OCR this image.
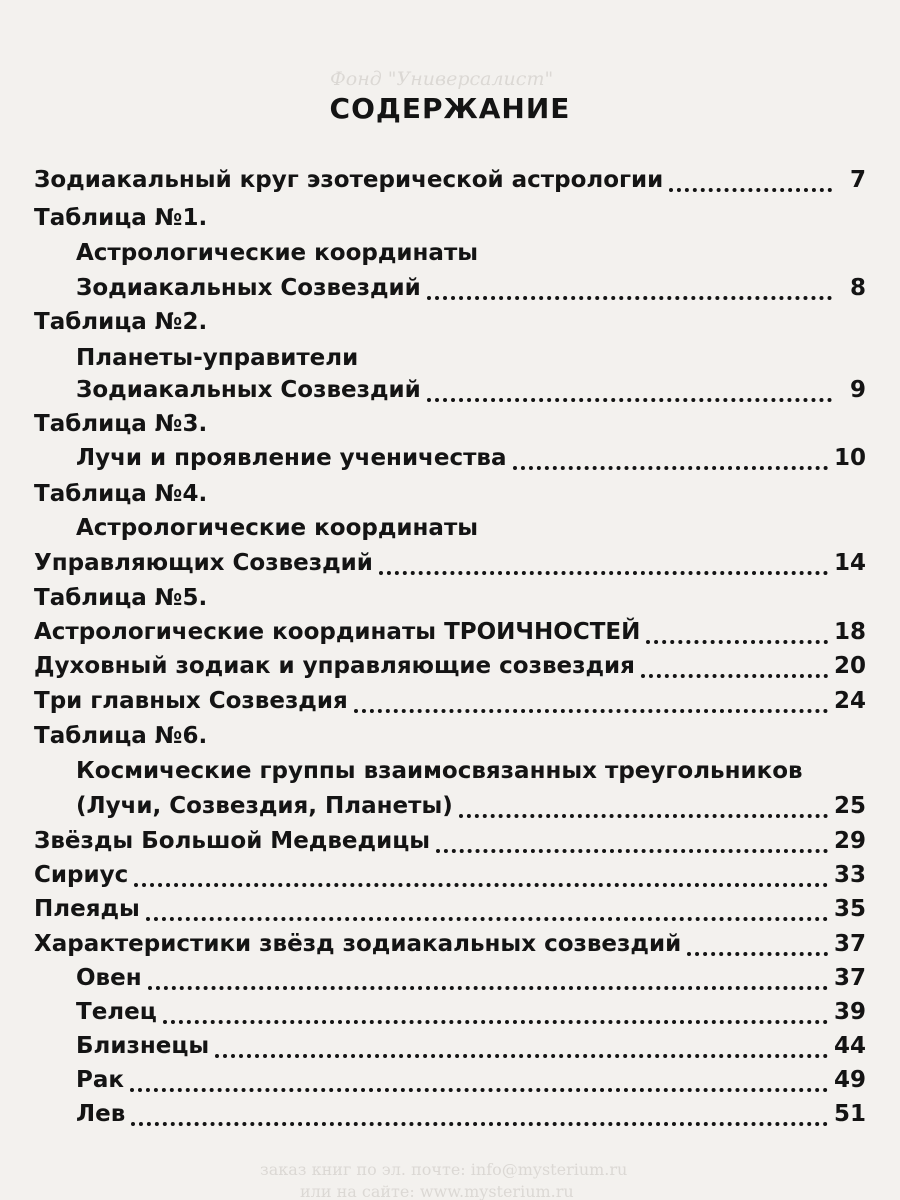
Фонд "Универсалист"
заказ книг по эл. почте: info@mysterium.ru
или на сайте: www.mysterium.ru
СОДЕРЖАНИЕ
Зодиакальный круг эзотерической астрологии	7
Таблица №1.
Астрологические координаты
Зодиакальных Созвездий	8
Таблица №2.
Планеты-управители
Зодиакальных Созвездий	9
Таблица №3.
Лучи и проявление ученичества	10
Таблица №4.
Астрологические координаты
Управляющих Созвездий	14
Таблица №5.
Астрологические координаты ТРОИЧНОСТЕЙ	18
Духовный зодиак и управляющие созвездия	20
Три главных Созвездия	24
Таблица №6.
Космические группы взаимосвязанных треугольников
(Лучи, Созвездия, Планеты)	25
Звёзды Большой Медведицы	29
Сириус	33
Плеяды	35
Характеристики звёзд зодиакальных созвездий	37
Овен	37
Телец	39
Близнецы	44
Рак	49
Лев	51
